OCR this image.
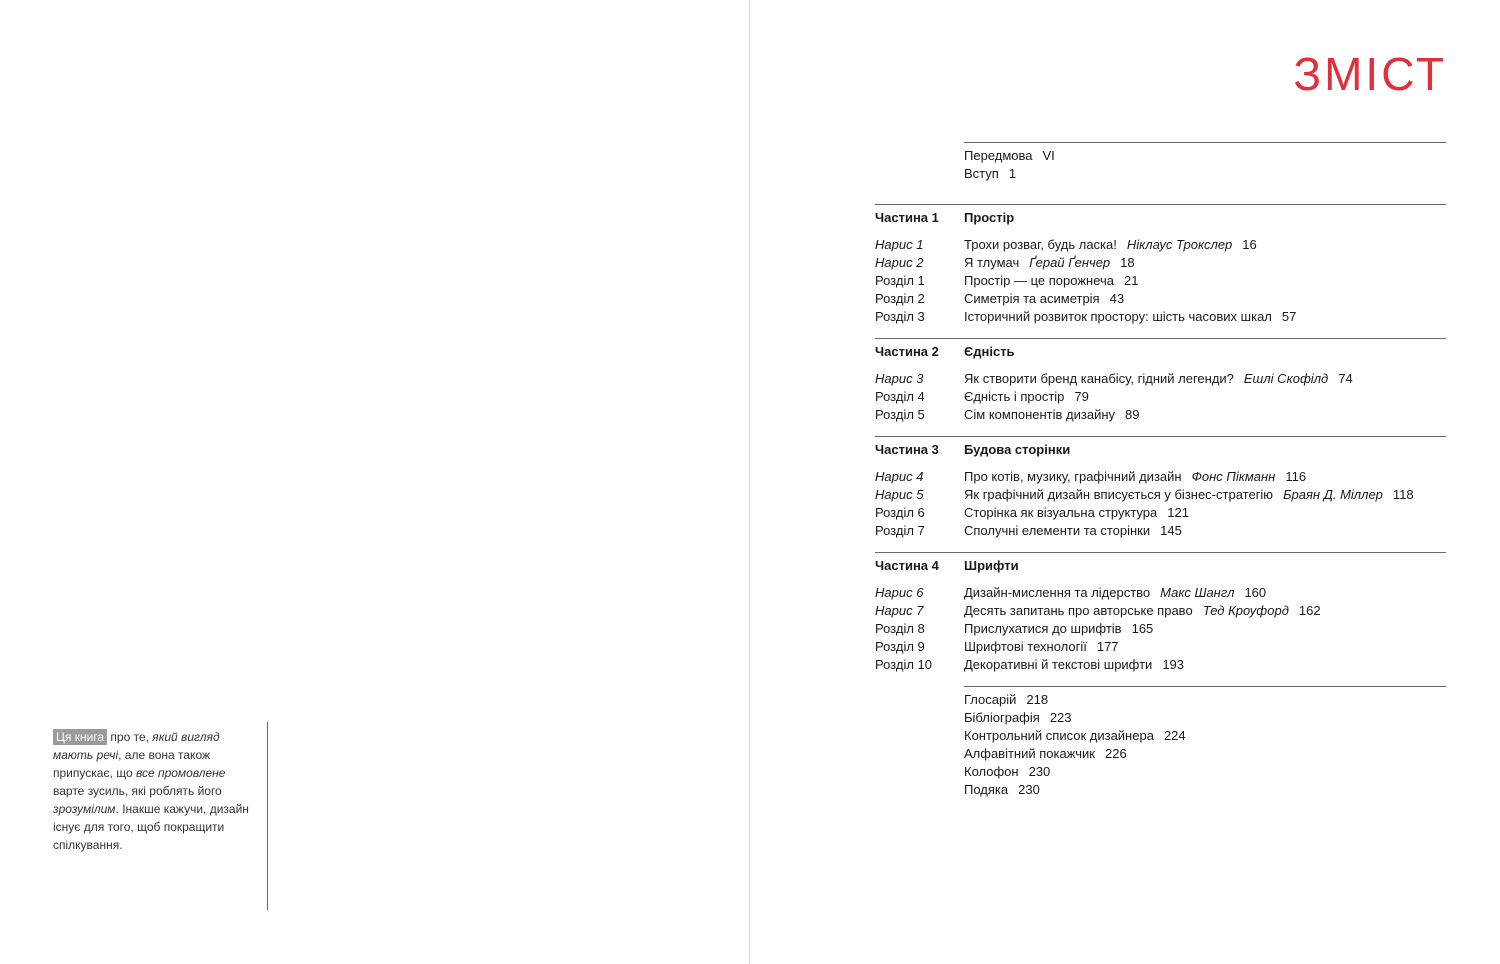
Ця книга про те, який вигляд мають речі, але вона також припускає, що все промовлене варте зусиль, які роблять його зрозумілим. Інакше кажучи, дизайн існує для того, щоб покращити спілкування.
ЗМІСТ
Передмова VI
Вступ 1
Частина 1 Простір
Нарис 1	Трохи розваг, будь ласка! Ніклаус Трокслер 16
Нарис 2	Я тлумач Ґерай Ґенчер 18
Розділ 1	Простір — це порожнеча 21
Розділ 2	Симетрія та асиметрія 43
Розділ 3	Історичний розвиток простору: шість часових шкал 57
Частина 2 Єдність
Нарис 3	Як створити бренд канабісу, гідний легенди? Ешлі Скофілд 74
Розділ 4	Єдність і простір 79
Розділ 5	Сім компонентів дизайну 89
Частина 3 Будова сторінки
Нарис 4	Про котів, музику, графічний дизайн Фонс Пікманн 116
Нарис 5	Як графічний дизайн вписується у бізнес-стратегію Браян Д. Міллер 118
Розділ 6	Сторінка як візуальна структура 121
Розділ 7	Сполучні елементи та сторінки 145
Частина 4 Шрифти
Нарис 6	Дизайн-мислення та лідерство Макс Шангл 160
Нарис 7	Десять запитань про авторське право Тед Кроуфорд 162
Розділ 8	Прислухатися до шрифтів 165
Розділ 9	Шрифтові технології 177
Розділ 10 Декоративні й текстові шрифти 193
Глосарій 218
Бібліографія 223
Контрольний список дизайнера 224
Алфавітний покажчик 226
Колофон 230
Подяка 230
